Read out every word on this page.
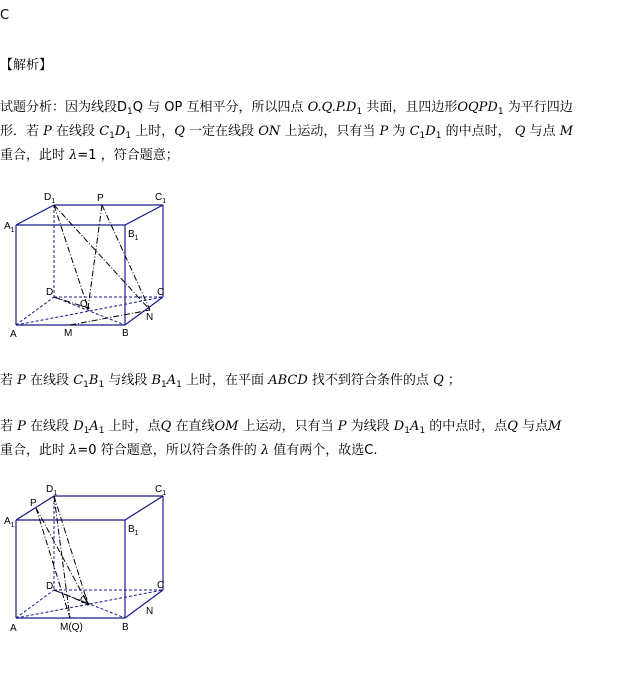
C
【解析】
试题分析：因为线段$D_1Q$ 与 OP 互相平分，所以四点 $O.Q.P.D_1$ 共面，且四边形$OQPD_1$ 为平行四边
形．若 P 在线段 $C_1D_1$ 上时，Q 一定在线段 ON 上运动，只有当 P 为 $C_1D_1$ 的中点时， Q 与点 M
重合，此时 λ=1 ，符合题意；
$A_1$
$D_1$	P	$C_1$
$B_1$
D	C
O
N
A	M	B
若 P 在线段 $C_1B_1$ 与线段 $B_1A_1$ 上时，在平面 ABCD 找不到符合条件的点 Q ；
若 P 在线段 $D_1A_1$ 上时，点Q 在直线OM 上运动，只有当 P 为线段 $D_1A_1$ 的中点时，点Q 与点M
重合，此时 λ=0 符合题意，所以符合条件的 λ 值有两个，故选C.
$A_1$
P
$D_1$	$C_1$
$B_1$
D	C
O
N
A	M(Q)	B
